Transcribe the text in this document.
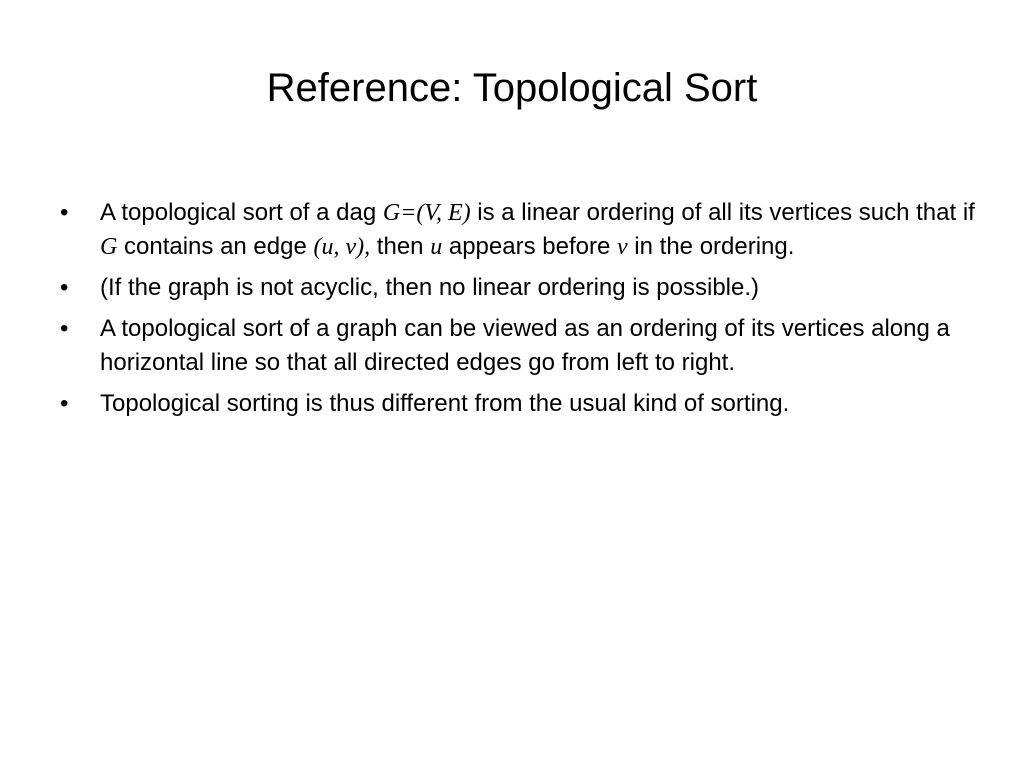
Reference: Topological Sort
•	A topological sort of a dag G=(V, E) is a linear ordering of all its vertices such that if G contains an edge (u, v), then u appears before v in the ordering.
•	(If the graph is not acyclic, then no linear ordering is possible.)
•	A topological sort of a graph can be viewed as an ordering of its vertices along a horizontal line so that all directed edges go from left to right.
•	Topological sorting is thus different from the usual kind of sorting.
